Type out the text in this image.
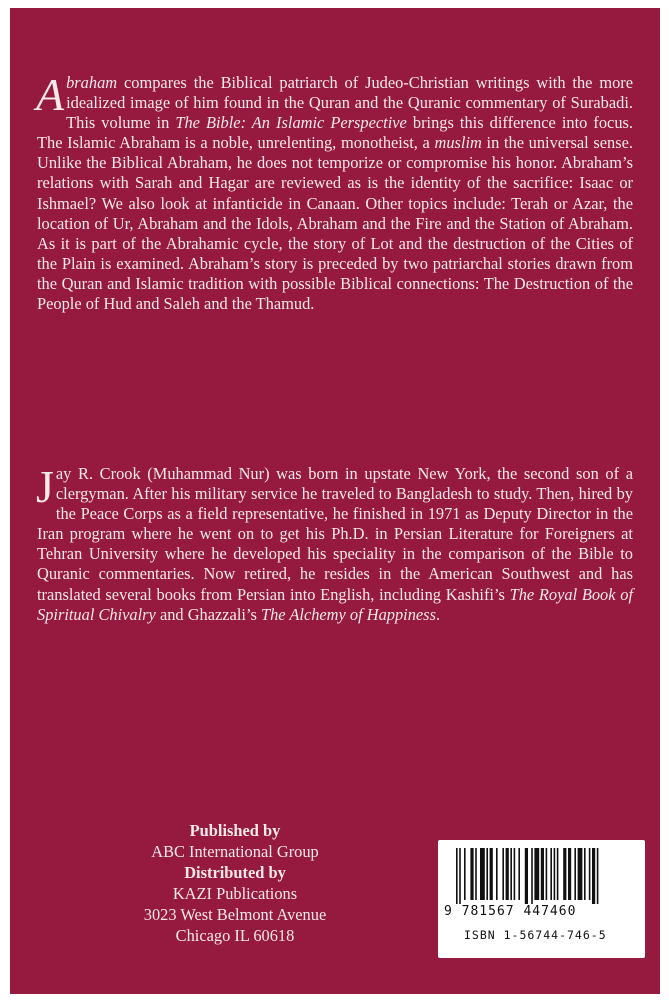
Abraham compares the Biblical patriarch of Judeo-Christian writings with the more idealized image of him found in the Quran and the Quranic commentary of Surabadi. This volume in The Bible: An Islamic Perspective brings this difference into focus. The Islamic Abraham is a noble, unrelenting, monotheist, a muslim in the universal sense. Unlike the Biblical Abraham, he does not temporize or compromise his honor. Abraham’s relations with Sarah and Hagar are reviewed as is the identity of the sacrifice: Isaac or Ishmael? We also look at infanticide in Canaan. Other topics include: Terah or Azar, the location of Ur, Abraham and the Idols, Abraham and the Fire and the Station of Abraham. As it is part of the Abrahamic cycle, the story of Lot and the destruction of the Cities of the Plain is examined. Abraham’s story is preceded by two patriarchal stories drawn from the Quran and Islamic tradition with possible Biblical connections: The Destruction of the People of Hud and Saleh and the Thamud.

Jay R. Crook (Muhammad Nur) was born in upstate New York, the second son of a clergyman. After his military service he traveled to Bangladesh to study. Then, hired by the Peace Corps as a field representative, he finished in 1971 as Deputy Director in the Iran program where he went on to get his Ph.D. in Persian Literature for Foreigners at Tehran University where he developed his speciality in the comparison of the Bible to Quranic commentaries. Now retired, he resides in the American Southwest and has translated several books from Persian into English, including Kashifi’s The Royal Book of Spiritual Chivalry and Ghazzali’s The Alchemy of Happiness.

Published by
ABC International Group
Distributed by
KAZI Publications
3023 West Belmont Avenue
Chicago IL 60618
9 781567 447460
ISBN 1-56744-746-5
